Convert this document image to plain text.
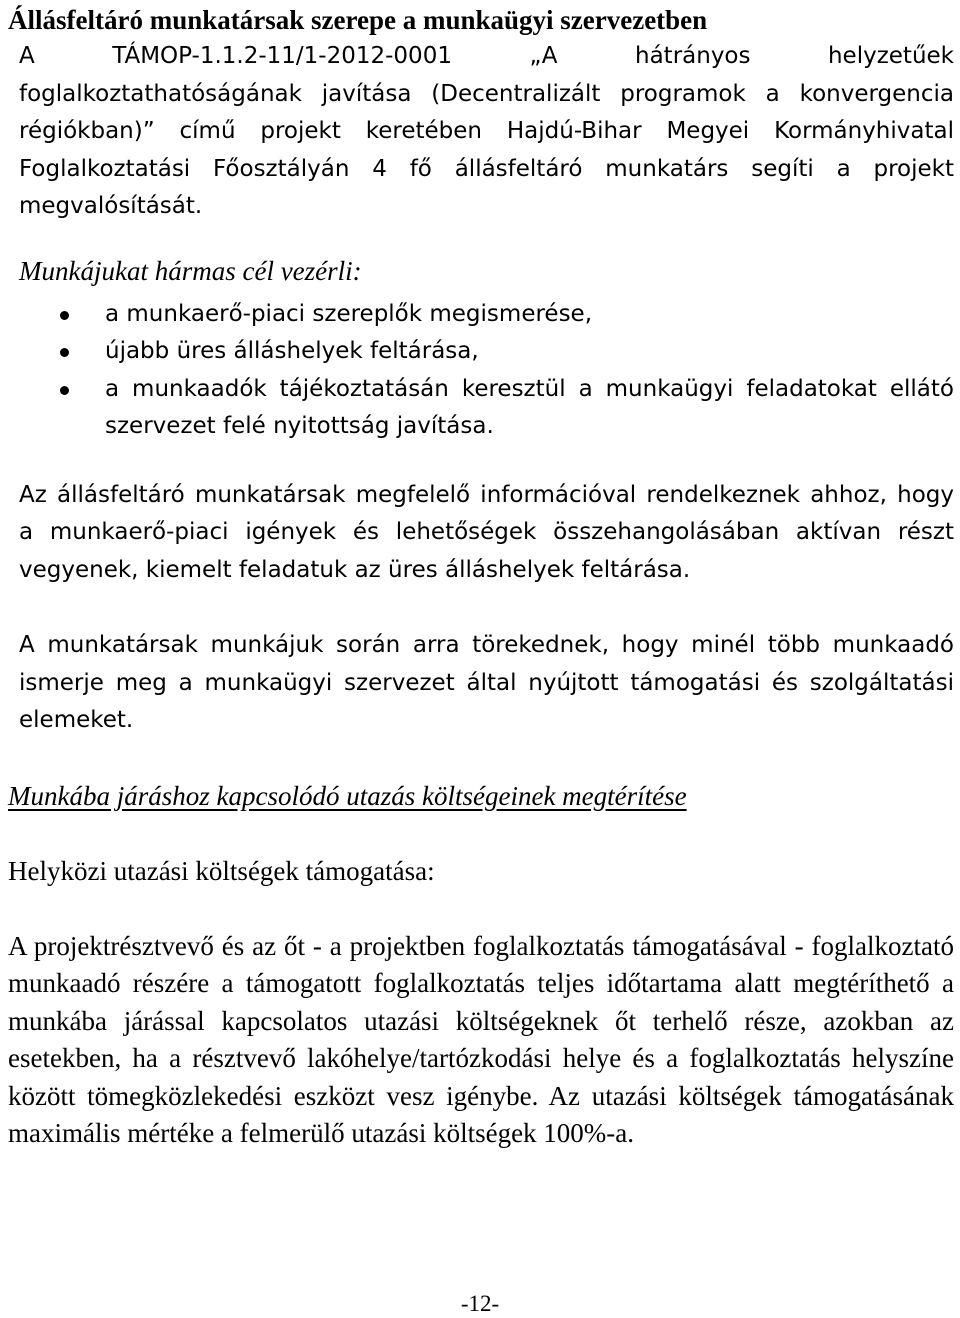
Állásfeltáró munkatársak szerepe a munkaügyi szervezetben

A TÁMOP-1.1.2-11/1-2012-0001 „A hátrányos helyzetűek foglalkoztathatóságának javítása (Decentralizált programok a konvergencia régiókban)” című projekt keretében Hajdú-Bihar Megyei Kormányhivatal Foglalkoztatási Főosztályán 4 fő állásfeltáró munkatárs segíti a projekt megvalósítását.

Munkájukat hármas cél vezérli:

a munkaerő-piaci szereplők megismerése,
újabb üres álláshelyek feltárása,
a munkaadók tájékoztatásán keresztül a munkaügyi feladatokat ellátó szervezet felé nyitottság javítása.

Az állásfeltáró munkatársak megfelelő információval rendelkeznek ahhoz, hogy a munkaerő-piaci igények és lehetőségek összehangolásában aktívan részt vegyenek, kiemelt feladatuk az üres álláshelyek feltárása.

A munkatársak munkájuk során arra törekednek, hogy minél több munkaadó ismerje meg a munkaügyi szervezet által nyújtott támogatási és szolgáltatási elemeket.

Munkába járáshoz kapcsolódó utazás költségeinek megtérítése
Helyközi utazási költségek támogatása:

A projektrésztvevő és az őt - a projektben foglalkoztatás támogatásával - foglalkoztató munkaadó részére a támogatott foglalkoztatás teljes időtartama alatt megtéríthető a munkába járással kapcsolatos utazási költségeknek őt terhelő része, azokban az esetekben, ha a résztvevő lakóhelye/tartózkodási helye és a foglalkoztatás helyszíne között tömegközlekedési eszközt vesz igénybe. Az utazási költségek támogatásának maximális mértéke a felmerülő utazási költségek 100%-a.

-12-
